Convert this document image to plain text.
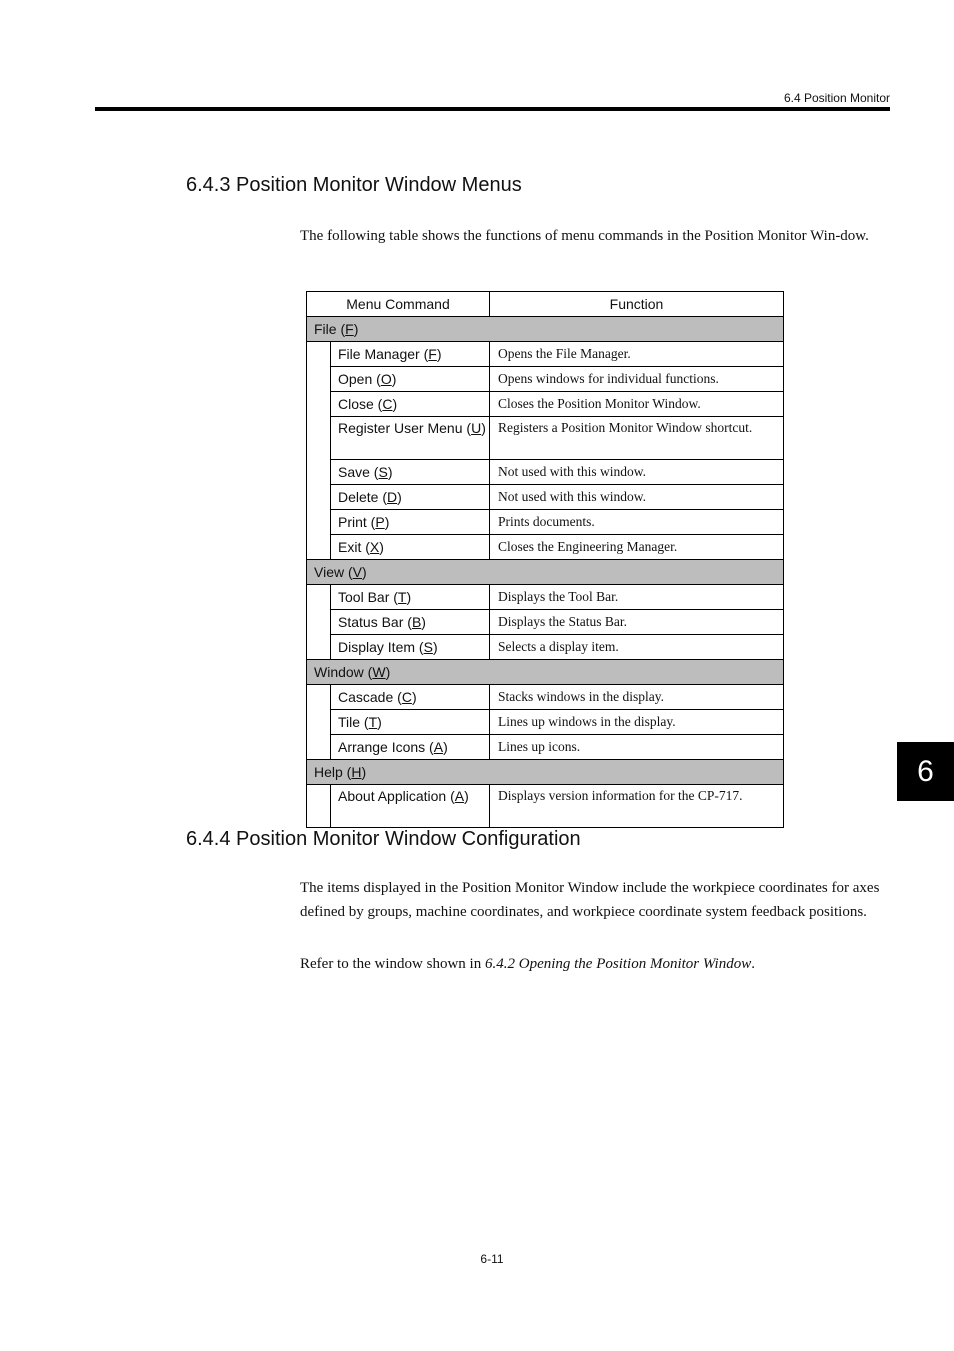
6.4 Position Monitor
6.4.3 Position Monitor Window Menus

The following table shows the functions of menu commands in the Position Monitor Win-dow.

Menu Command		Function
File (F)		
	File Manager (F)	Opens the File Manager.
	Open (O)	Opens windows for individual functions.
	Close (C)	Closes the Position Monitor Window.
	Register User Menu (U)	Registers a Position Monitor Window shortcut.
	Save (S)	Not used with this window.
	Delete (D)	Not used with this window.
	Print (P)	Prints documents.
	Exit (X)	Closes the Engineering Manager.
View (V)		
	Tool Bar (T)	Displays the Tool Bar.
	Status Bar (B)	Displays the Status Bar.
	Display Item (S)	Selects a display item.
Window (W)		
	Cascade (C)	Stacks windows in the display.
	Tile (T)	Lines up windows in the display.
	Arrange Icons (A)	Lines up icons.
Help (H)		
	About Application (A)	Displays version information for the CP-717.
6.4.4 Position Monitor Window Configuration

The items displayed in the Position Monitor Window include the workpiece coordinates for axes defined by groups, machine coordinates, and workpiece coordinate system feedback positions.

Refer to the window shown in 6.4.2 Opening the Position Monitor Window.

6
6-11
